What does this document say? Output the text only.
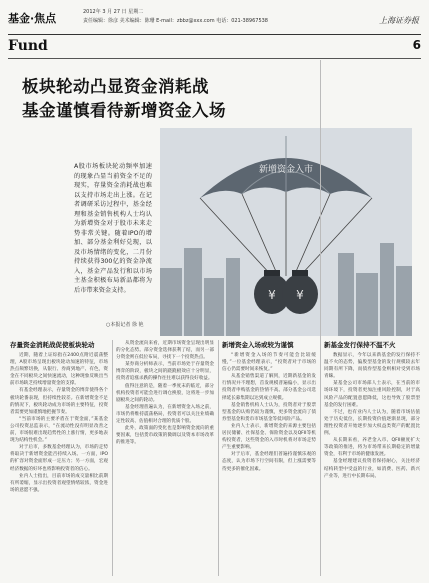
基金·焦点	2012年 3 月 27 日 星期二
责任编辑：徐彦 美术编辑：陈珊 E-mail：zbbz@xxx.com 电话：021-38967538	上海证券报
Fund	6
板块轮动凸显资金消耗战
基金谨慎看待新增资金入场
A股市场板块轮动频率加速的现象凸显当前资金不足的现实，存量资金消耗战也难以支持市场走出上涨。在记者调研采访过程中，基金经理和基金销售机构人士均认为新增资金对于股市未来走势非常关键。随着IPO的增加、部分基金利好兑现，以及市场情绪的变化，二月份持续获得300亿的资金净流入，基金产品发行和以市场主基金积极布局新品都将为后市带来资金支持。
○本报记者 徐 艳
新增资金入市
¥ ¥
存量资金消耗战促使板块轮动

近期，随着上证综指在2400点附近震荡整理，A股市场呈现出板块轮动加速的特征，市场热点频繁切换，从银行、券商到地产、有色，资金在不同板块之间快速流动，这种现象反映出当前市场缺乏持续增量资金的支撑。

有基金经理表示，存量资金的博弈使得各个板块轮番表现，但持续性较差。在新增资金不足的情况下，板块轮动成为市场的主要特征，投资者需要更加谨慎地把握节奏。

“当前市场的主要矛盾在于资金面，”某基金公司投资总监表示，“在流动性没有明显改善之前，市场很难出现趋势性的上涨行情，更多地表现为结构性机会。”

对于后市，多数基金经理认为，市场的走势将取决于新增资金能否持续入场。一方面，IPO的扩容对资金面形成一定压力；另一方面，宏观经济数据的好坏也将影响投资者的信心。

业内人士指出，目前市场的成交量相比前期有所萎缩，显示出投资者观望情绪较浓，资金进场的意愿不强。

从资金流向来看，近期市场资金呈现出明显的分化态势。部分资金选择获利了结，而另一部分资金则在低位布局，寻找下一个投资热点。

某券商分析师表示，当前市场处于存量资金博弈的阶段，板块之间的跷跷板效应十分明显，投资者追涨杀跌的操作往往难以获得良好收益。

值得注意的是，随着一季度末的临近，部分机构投资者可能会进行调仓换股，这将进一步加剧板块之间的轮动。

基金经理普遍认为，在新增资金入场之前，市场仍将维持震荡格局，投资者可以关注业绩确定性较高、估值相对合理的优质个股。

此外，政策面的变化也是影响资金流向的重要因素，包括货币政策的微调以及资本市场改革的推进等。

新增资金入场或较为谨慎

“新增资金入场的节奏可能会比较缓慢，”一位基金经理表示，“投资者对于市场的信心仍需要时间来恢复。”

从基金销售渠道了解到，近期新基金的发行情况并不理想，首发规模普遍偏小，显示出投资者申购基金的热情不高。部分基金公司选择延长募集期以达到成立规模。

基金销售机构人士认为，投资者对于股票型基金的认购仍较为谨慎，更多资金流向了债券型基金和货币市场基金等低风险产品。

业内人士表示，新增资金的来源主要包括居民储蓄、社保基金、保险资金以及QFII等机构投资者，这些资金的入市时机将对市场走势产生重要影响。

对于后市，基金经理们普遍持谨慎乐观的态度，认为市场下行空间有限，但上涨需要等待更多的催化因素。

新基金发行保持不温不火

数据显示，今年以来新基金的发行保持不温不火的态势，偏股型基金的发行规模较去年同期有所下降，而债券型基金则相对受到市场青睐。

某基金公司市场部人士表示，在当前的市场环境下，投资者更加注重风险控制，对于高风险产品的配置意愿降低，这也导致了股票型基金的发行困难。

不过，也有业内人士认为，随着市场估值处于历史低位，长期投资价值逐渐显现，部分理性投资者开始逐步加大权益类资产的配置比例。

从长期来看，养老金入市、QFII额度扩大等政策的推进，将为市场带来长期稳定的增量资金，有利于市场的健康发展。

基金经理建议投资者保持耐心，关注经济结构转型中受益的行业，如消费、医药、新兴产业等，进行中长期布局。
